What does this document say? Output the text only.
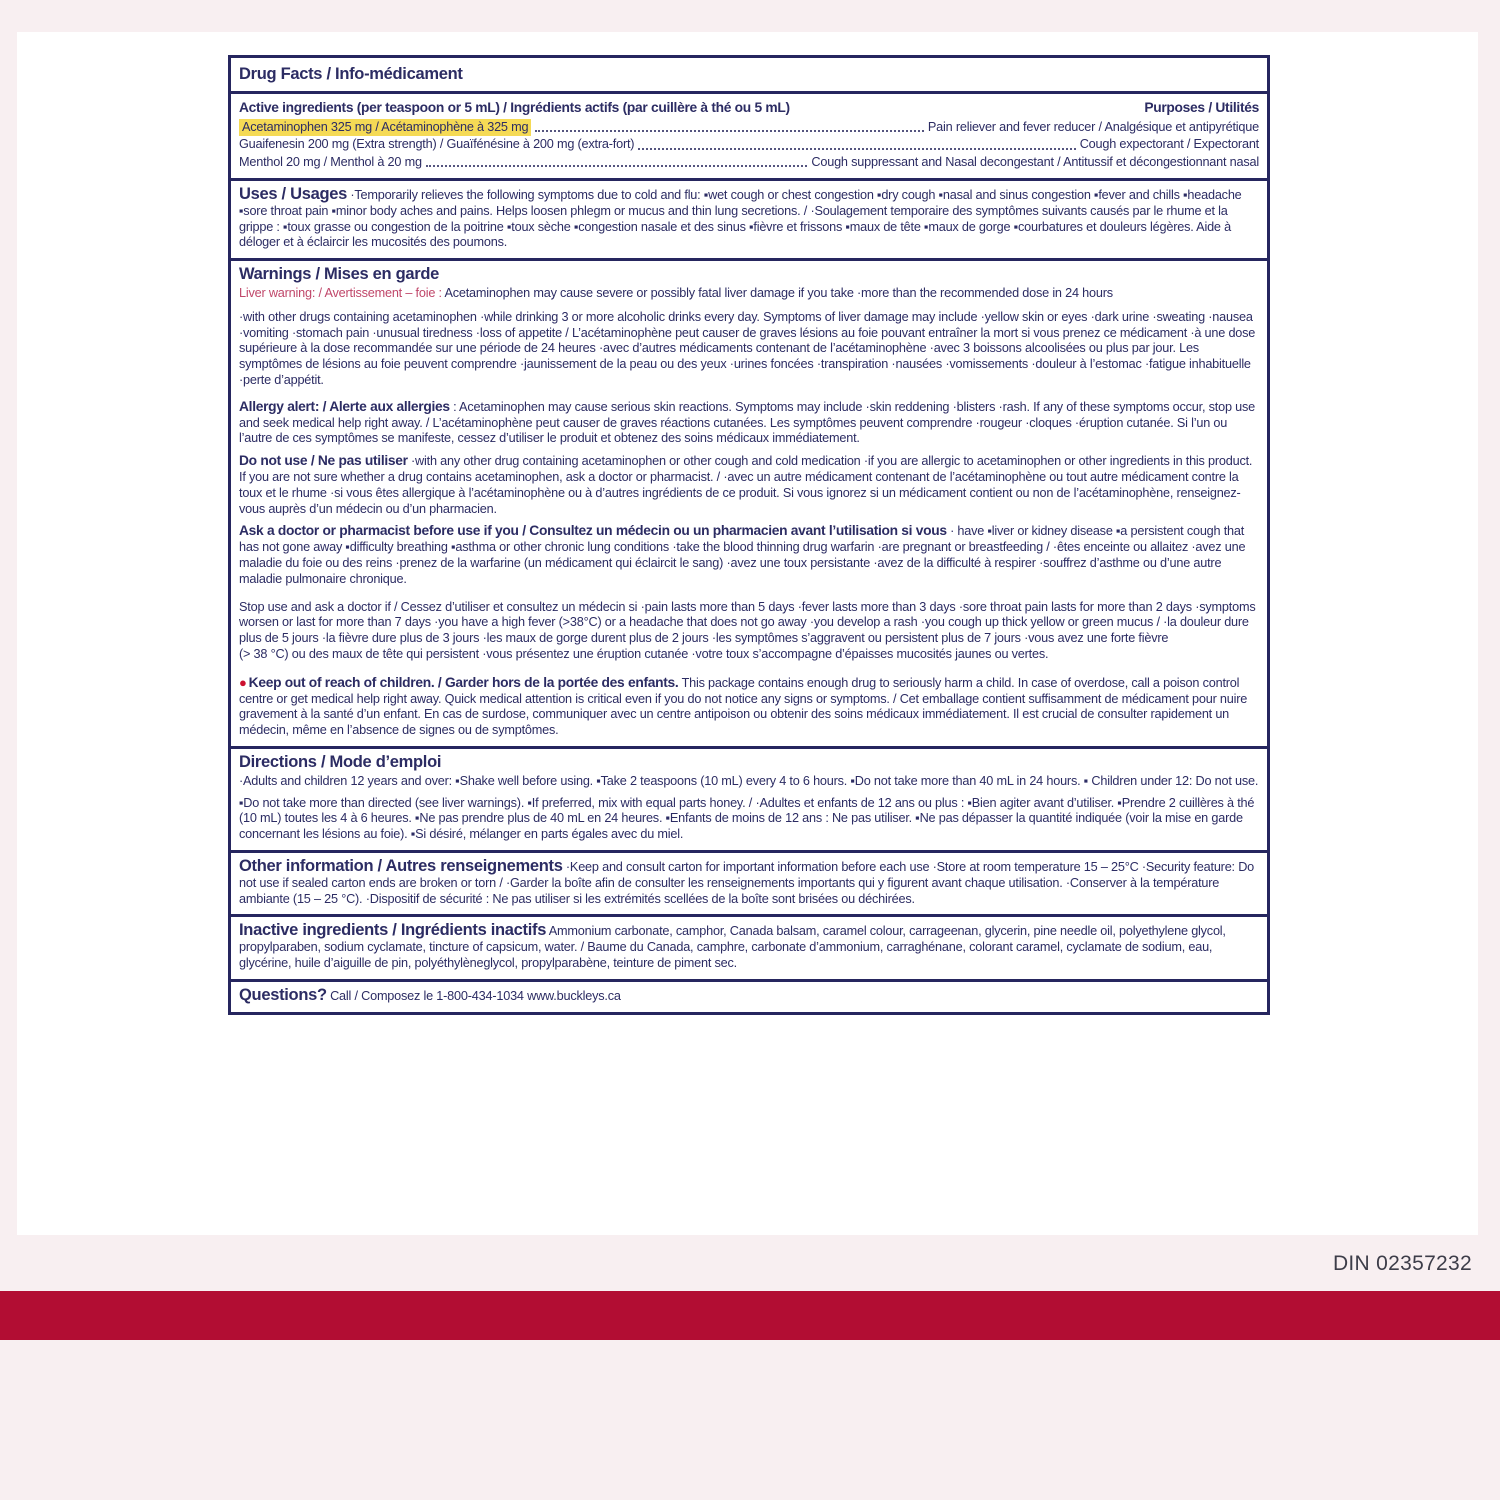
Drug Facts / Info-médicament
Active ingredients (per teaspoon or 5 mL) / Ingrédients actifs (par cuillère à thé ou 5 mL)	Purposes / Utilités
Acetaminophen 325 mg / Acétaminophène à 325 mg	Pain reliever and fever reducer / Analgésique et antipyrétique
Guaifenesin 200 mg (Extra strength) / Guaïfénésine à 200 mg (extra-fort)	Cough expectorant / Expectorant
Menthol 20 mg / Menthol à 20 mg	Cough suppressant and Nasal decongestant / Antitussif et décongestionnant nasal
Uses / Usages ·Temporarily relieves the following symptoms due to cold and flu: ▪wet cough or chest congestion ▪dry cough ▪nasal and sinus congestion ▪fever and chills ▪headache ▪sore throat pain ▪minor body aches and pains. Helps loosen phlegm or mucus and thin lung secretions. / ·Soulagement temporaire des symptômes suivants causés par le rhume et la grippe : ▪toux grasse ou congestion de la poitrine ▪toux sèche ▪congestion nasale et des sinus ▪fièvre et frissons ▪maux de tête ▪maux de gorge ▪courbatures et douleurs légères. Aide à déloger et à éclaircir les mucosités des poumons.
Warnings / Mises en garde
Liver warning: / Avertissement – foie : Acetaminophen may cause severe or possibly fatal liver damage if you take ·more than the recommended dose in 24 hours
·with other drugs containing acetaminophen ·while drinking 3 or more alcoholic drinks every day. Symptoms of liver damage may include ·yellow skin or eyes ·dark urine ·sweating ·nausea ·vomiting ·stomach pain ·unusual tiredness ·loss of appetite / L’acétaminophène peut causer de graves lésions au foie pouvant entraîner la mort si vous prenez ce médicament ·à une dose supérieure à la dose recommandée sur une période de 24 heures ·avec d’autres médicaments contenant de l’acétaminophène ·avec 3 boissons alcoolisées ou plus par jour. Les symptômes de lésions au foie peuvent comprendre ·jaunissement de la peau ou des yeux ·urines foncées ·transpiration ·nausées ·vomissements ·douleur à l’estomac ·fatigue inhabituelle ·perte d’appétit.
Allergy alert: / Alerte aux allergies : Acetaminophen may cause serious skin reactions. Symptoms may include ·skin reddening ·blisters ·rash. If any of these symptoms occur, stop use and seek medical help right away. / L’acétaminophène peut causer de graves réactions cutanées. Les symptômes peuvent comprendre ·rougeur ·cloques ·éruption cutanée. Si l’un ou l’autre de ces symptômes se manifeste, cessez d’utiliser le produit et obtenez des soins médicaux immédiatement.
Do not use / Ne pas utiliser ·with any other drug containing acetaminophen or other cough and cold medication ·if you are allergic to acetaminophen or other ingredients in this product. If you are not sure whether a drug contains acetaminophen, ask a doctor or pharmacist. / ·avec un autre médicament contenant de l’acétaminophène ou tout autre médicament contre la toux et le rhume ·si vous êtes allergique à l’acétaminophène ou à d’autres ingrédients de ce produit. Si vous ignorez si un médicament contient ou non de l’acétaminophène, renseignez-vous auprès d’un médecin ou d’un pharmacien.
Ask a doctor or pharmacist before use if you / Consultez un médecin ou un pharmacien avant l’utilisation si vous · have ▪liver or kidney disease ▪a persistent cough that has not gone away ▪difficulty breathing ▪asthma or other chronic lung conditions ·take the blood thinning drug warfarin ·are pregnant or breastfeeding / ·êtes enceinte ou allaitez ·avez une maladie du foie ou des reins ·prenez de la warfarine (un médicament qui éclaircit le sang) ·avez une toux persistante ·avez de la difficulté à respirer ·souffrez d’asthme ou d’une autre maladie pulmonaire chronique.
Stop use and ask a doctor if / Cessez d’utiliser et consultez un médecin si ·pain lasts more than 5 days ·fever lasts more than 3 days ·sore throat pain lasts for more than 2 days ·symptoms worsen or last for more than 7 days ·you have a high fever (>38°C) or a headache that does not go away ·you develop a rash ·you cough up thick yellow or green mucus / ·la douleur dure plus de 5 jours ·la fièvre dure plus de 3 jours ·les maux de gorge durent plus de 2 jours ·les symptômes s’aggravent ou persistent plus de 7 jours ·vous avez une forte fièvre
(> 38 °C) ou des maux de tête qui persistent ·vous présentez une éruption cutanée ·votre toux s’accompagne d’épaisses mucosités jaunes ou vertes.
● Keep out of reach of children. / Garder hors de la portée des enfants. This package contains enough drug to seriously harm a child. In case of overdose, call a poison control centre or get medical help right away. Quick medical attention is critical even if you do not notice any signs or symptoms. / Cet emballage contient suffisamment de médicament pour nuire gravement à la santé d’un enfant. En cas de surdose, communiquer avec un centre antipoison ou obtenir des soins médicaux immédiatement. Il est crucial de consulter rapidement un médecin, même en l’absence de signes ou de symptômes.
Directions / Mode d’emploi
·Adults and children 12 years and over: ▪Shake well before using. ▪Take 2 teaspoons (10 mL) every 4 to 6 hours. ▪Do not take more than 40 mL in 24 hours. ▪ Children under 12: Do not use.
▪Do not take more than directed (see liver warnings). ▪If preferred, mix with equal parts honey. / ·Adultes et enfants de 12 ans ou plus : ▪Bien agiter avant d’utiliser. ▪Prendre 2 cuillères à thé (10 mL) toutes les 4 à 6 heures. ▪Ne pas prendre plus de 40 mL en 24 heures. ▪Enfants de moins de 12 ans : Ne pas utiliser. ▪Ne pas dépasser la quantité indiquée (voir la mise en garde concernant les lésions au foie). ▪Si désiré, mélanger en parts égales avec du miel.
Other information / Autres renseignements ·Keep and consult carton for important information before each use ·Store at room temperature 15 – 25°C ·Security feature: Do not use if sealed carton ends are broken or torn / ·Garder la boîte afin de consulter les renseignements importants qui y figurent avant chaque utilisation. ·Conserver à la température ambiante (15 – 25 °C). ·Dispositif de sécurité : Ne pas utiliser si les extrémités scellées de la boîte sont brisées ou déchirées.
Inactive ingredients / Ingrédients inactifs Ammonium carbonate, camphor, Canada balsam, caramel colour, carrageenan, glycerin, pine needle oil, polyethylene glycol, propylparaben, sodium cyclamate, tincture of capsicum, water. / Baume du Canada, camphre, carbonate d’ammonium, carraghénane, colorant caramel, cyclamate de sodium, eau, glycérine, huile d’aiguille de pin, polyéthylèneglycol, propylparabène, teinture de piment sec.
Questions? Call / Composez le 1-800-434-1034 www.buckleys.ca
DIN 02357232
